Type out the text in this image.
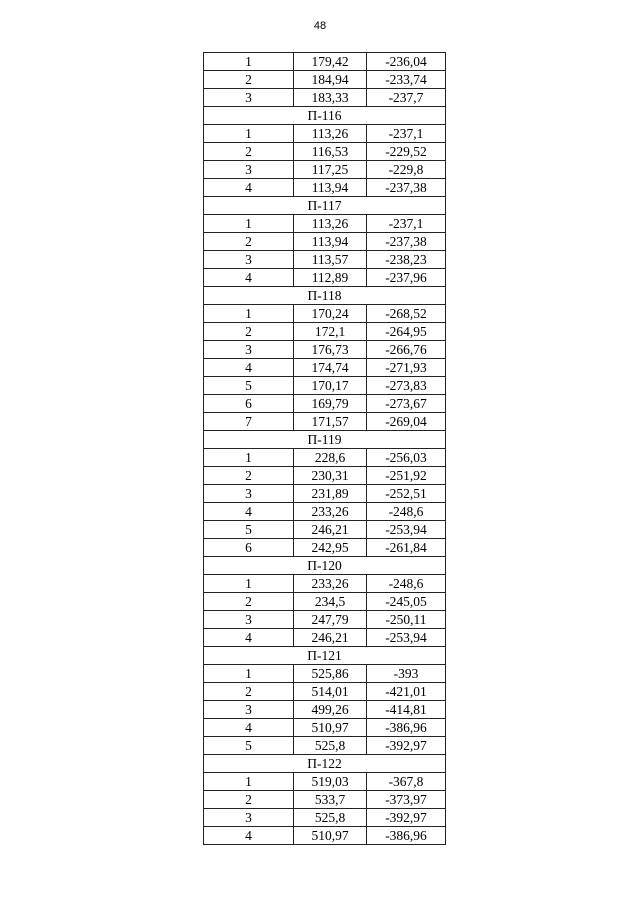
48
1	179,42	-236,04
2	184,94	-233,74
3	183,33	-237,7
П-116		
1	113,26	-237,1
2	116,53	-229,52
3	117,25	-229,8
4	113,94	-237,38
П-117		
1	113,26	-237,1
2	113,94	-237,38
3	113,57	-238,23
4	112,89	-237,96
П-118		
1	170,24	-268,52
2	172,1	-264,95
3	176,73	-266,76
4	174,74	-271,93
5	170,17	-273,83
6	169,79	-273,67
7	171,57	-269,04
П-119		
1	228,6	-256,03
2	230,31	-251,92
3	231,89	-252,51
4	233,26	-248,6
5	246,21	-253,94
6	242,95	-261,84
П-120		
1	233,26	-248,6
2	234,5	-245,05
3	247,79	-250,11
4	246,21	-253,94
П-121		
1	525,86	-393
2	514,01	-421,01
3	499,26	-414,81
4	510,97	-386,96
5	525,8	-392,97
П-122		
1	519,03	-367,8
2	533,7	-373,97
3	525,8	-392,97
4	510,97	-386,96
